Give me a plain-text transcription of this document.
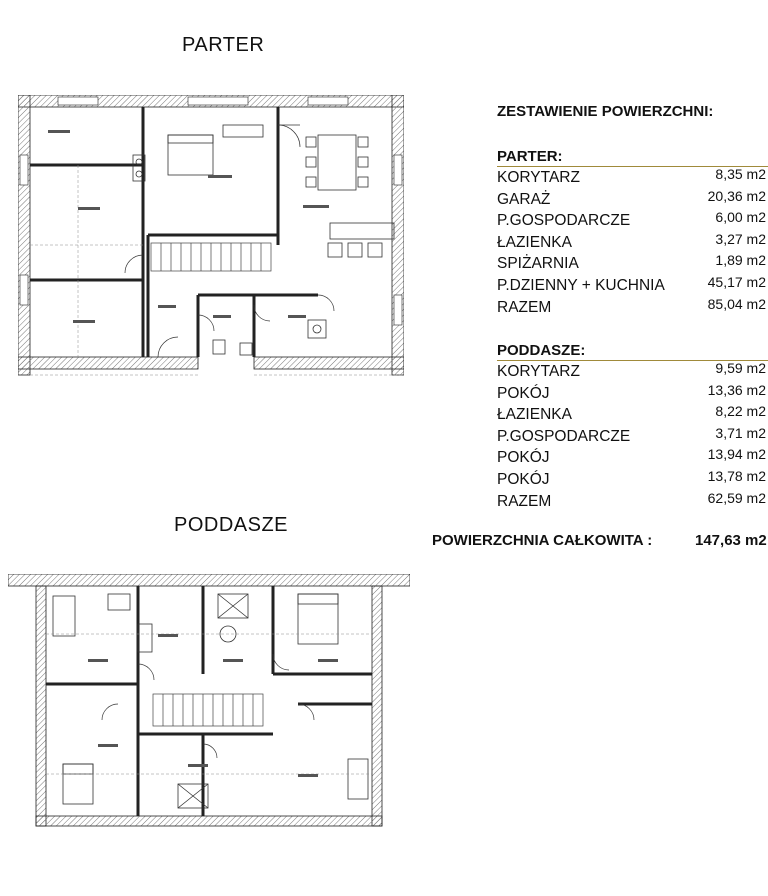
PARTER
PODDASZE
ZESTAWIENIE POWIERZCHNI:
PARTER:
KORYTARZ	8,35 m2
GARAŻ	20,36 m2
P.GOSPODARCZE	6,00 m2
ŁAZIENKA	3,27 m2
SPIŻARNIA	1,89 m2
P.DZIENNY + KUCHNIA	45,17 m2
RAZEM	85,04 m2
PODDASZE:
KORYTARZ	9,59 m2
POKÓJ	13,36 m2
ŁAZIENKA	8,22 m2
P.GOSPODARCZE	3,71 m2
POKÓJ	13,94 m2
POKÓJ	13,78 m2
RAZEM	62,59 m2
POWIERZCHNIA CAŁKOWITA :	147,63 m2
